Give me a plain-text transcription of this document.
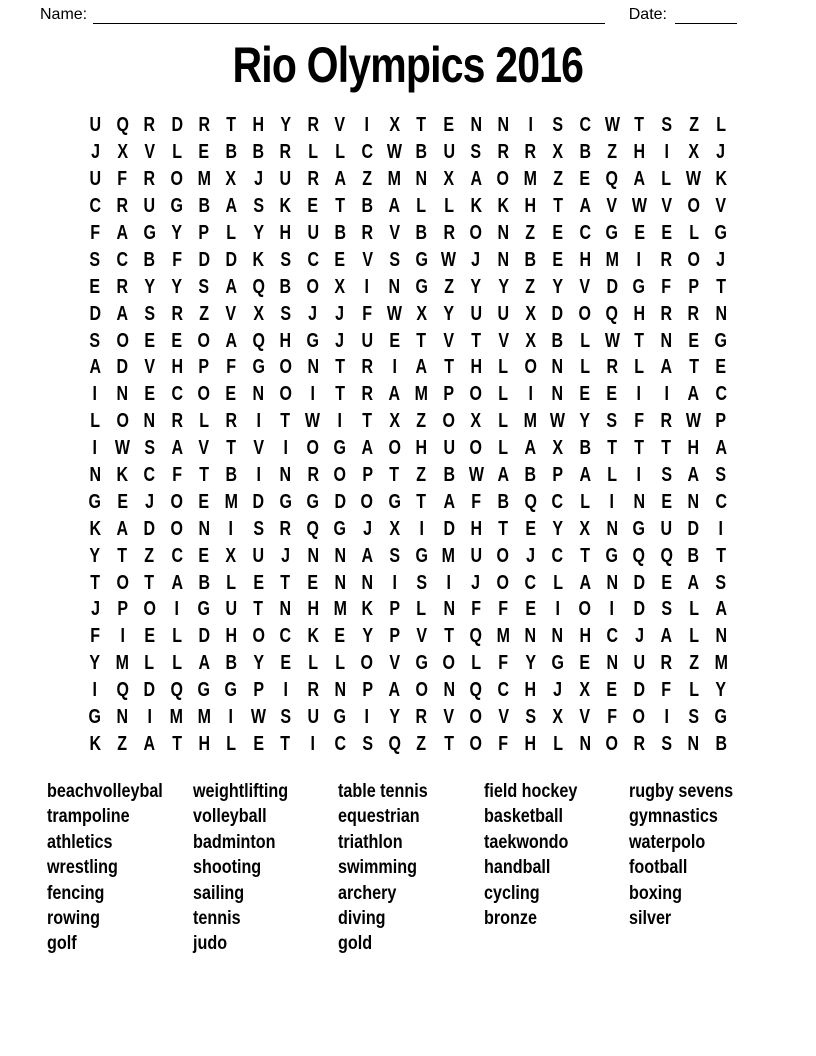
Name:	Date:
Rio Olympics 2016
U Q R D R T H Y R V I X T E N N I S C W T S Z L
J X V L E B B R L L C W B U S R R X B Z H I X J
U F R O M X J U R A Z M N X A O M Z E Q A L W K
C R U G B A S K E T B A L L K K H T A V W V O V
F A G Y P L Y H U B R V B R O N Z E C G E E L G
S C B F D D K S C E V S G W J N B E H M I R O J
E R Y Y S A Q B O X I N G Z Y Y Z Y V D G F P T
D A S R Z V X S J J F W X Y U U X D O Q H R R N
S O E E O A Q H G J U E T V T V X B L W T N E G
A D V H P F G O N T R I A T H L O N L R L A T E
I N E C O E N O I T R A M P O L I N E E I I A C
L O N R L R I T W I T X Z O X L M W Y S F R W P
I W S A V T V I O G A O H U O L A X B T T T H A
N K C F T B I N R O P T Z B W A B P A L I S A S
G E J O E M D G G D O G T A F B Q C L I N E N C
K A D O N I S R Q G J X I D H T E Y X N G U D I
Y T Z C E X U J N N A S G M U O J C T G Q Q B T
T O T A B L E T E N N I S I J O C L A N D E A S
J P O I G U T N H M K P L N F F E I O I D S L A
F I E L D H O C K E Y P V T Q M N N H C J A L N
Y M L L A B Y E L L O V G O L F Y G E N U R Z M
I Q D Q G G P I R N P A O N Q C H J X E D F L Y
G N I M M I W S U G I Y R V O V S X V F O I S G
K Z A T H L E T I C S Q Z T O F H L N O R S N B
beachvolleybal
trampoline
athletics
wrestling
fencing
rowing
golf
weightlifting
volleyball
badminton
shooting
sailing
tennis
judo
table tennis
equestrian
triathlon
swimming
archery
diving
gold
field hockey
basketball
taekwondo
handball
cycling
bronze
rugby sevens
gymnastics
waterpolo
football
boxing
silver
